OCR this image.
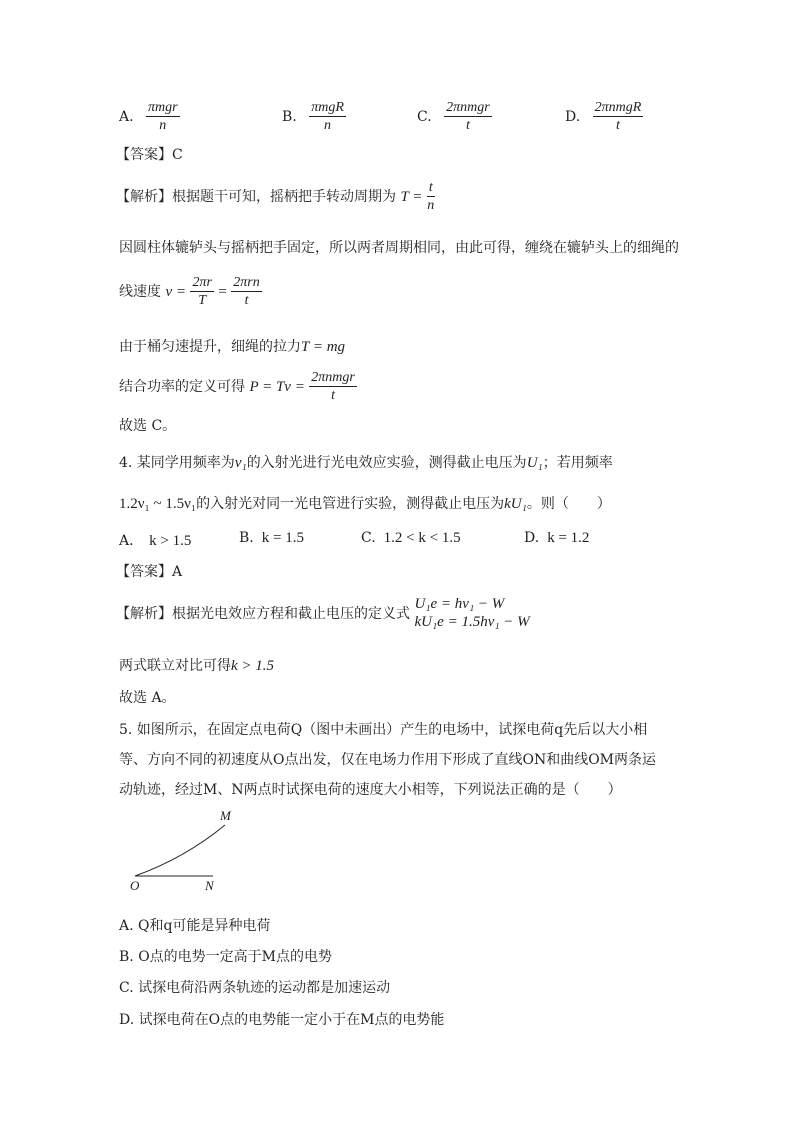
A. $\frac{\text{πmgr}}{n}$	B. $\frac{\text{πmgR}}{n}$	C. $\frac{\text{2πnmgr}}{t}$	D. $\frac{\text{2πnmgR}}{t}$
【答案】C
【解析】根据题干可知，摇柄把手转动周期为 $T = \frac{t}{n}$
因圆柱体辘轳头与摇柄把手固定，所以两者周期相同，由此可得，缠绕在辘轳头上的细绳的
线速度 $v = \frac{2\pi r}{T} = \frac{\text{2πrn}}{t}$
由于桶匀速提升，细绳的拉力T = mg
结合功率的定义可得 $P = Tv = \frac{\text{2πnmgr}}{t}$
故选 C。
4. 某同学用频率为ν₁的入射光进行光电效应实验，测得截止电压为U₁；若用频率
1.2ν₁ ~ 1.5ν₁的入射光对同一光电管进行实验，测得截止电压为kU₁。则（　　）
A． k > 1.5	B. k = 1.5	C. 1.2 < k < 1.5	D. k = 1.2
【答案】A
【解析】根据光电效应方程和截止电压的定义式
U₁e = hν₁ − W
kU₁e = 1.5hν₁ − W
两式联立对比可得k > 1.5
故选 A。
5. 如图所示，在固定点电荷Q（图中未画出）产生的电场中，试探电荷q先后以大小相
等、方向不同的初速度从O点出发，仅在电场力作用下形成了直线ON和曲线OM两条运
动轨迹，经过M、N两点时试探电荷的速度大小相等，下列说法正确的是（　　）
M
O	N
A. Q和q可能是异种电荷
B. O点的电势一定高于M点的电势
C. 试探电荷沿两条轨迹的运动都是加速运动
D. 试探电荷在O点的电势能一定小于在M点的电势能
